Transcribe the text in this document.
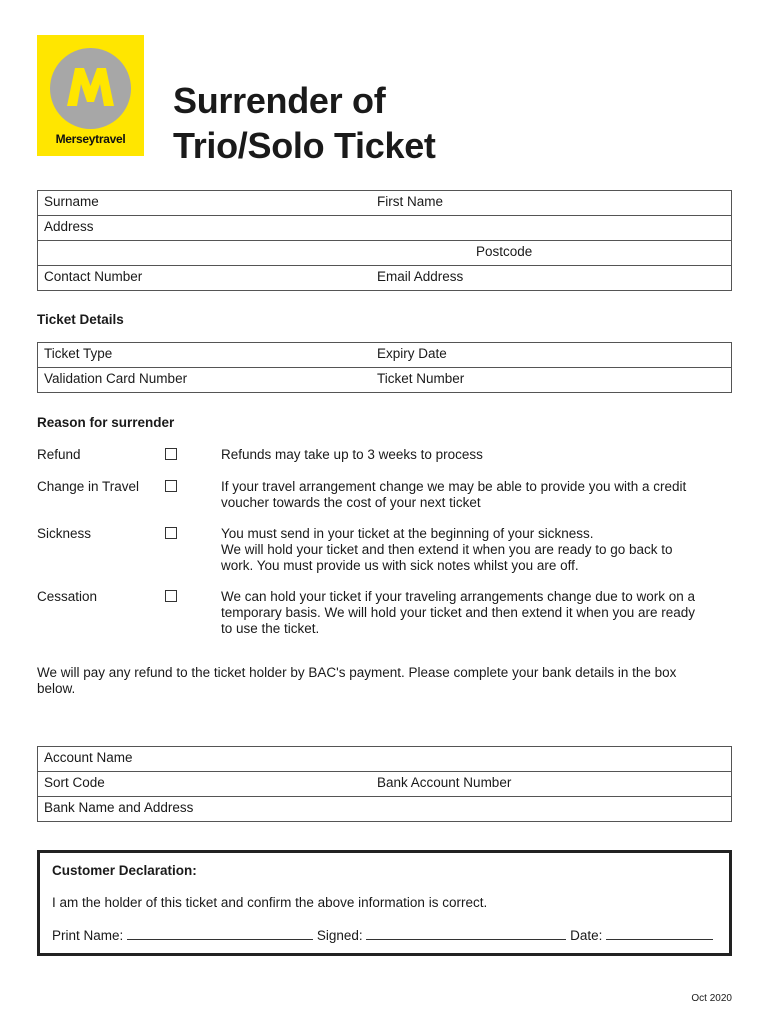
Merseytravel
Surrender of
Trio/Solo Ticket
Surname	First Name
Address
Postcode
Contact Number	Email Address
Ticket Details
Ticket Type	Expiry Date
Validation Card Number	Ticket Number
Reason for surrender
Refund	Refunds may take up to 3 weeks to process
Change in Travel	If your travel arrangement change we may be able to provide you with a credit
voucher towards the cost of your next ticket
Sickness	You must send in your ticket at the beginning of your sickness.
We will hold your ticket and then extend it when you are ready to go back to
work. You must provide us with sick notes whilst you are off.
Cessation	We can hold your ticket if your traveling arrangements change due to work on a
temporary basis. We will hold your ticket and then extend it when you are ready
to use the ticket.
We will pay any refund to the ticket holder by BAC's payment. Please complete your bank details in the box
below.
Account Name
Sort Code	Bank Account Number
Bank Name and Address
Customer Declaration:
I am the holder of this ticket and confirm the above information is correct.
Print Name:	Signed:	Date:
Oct 2020
